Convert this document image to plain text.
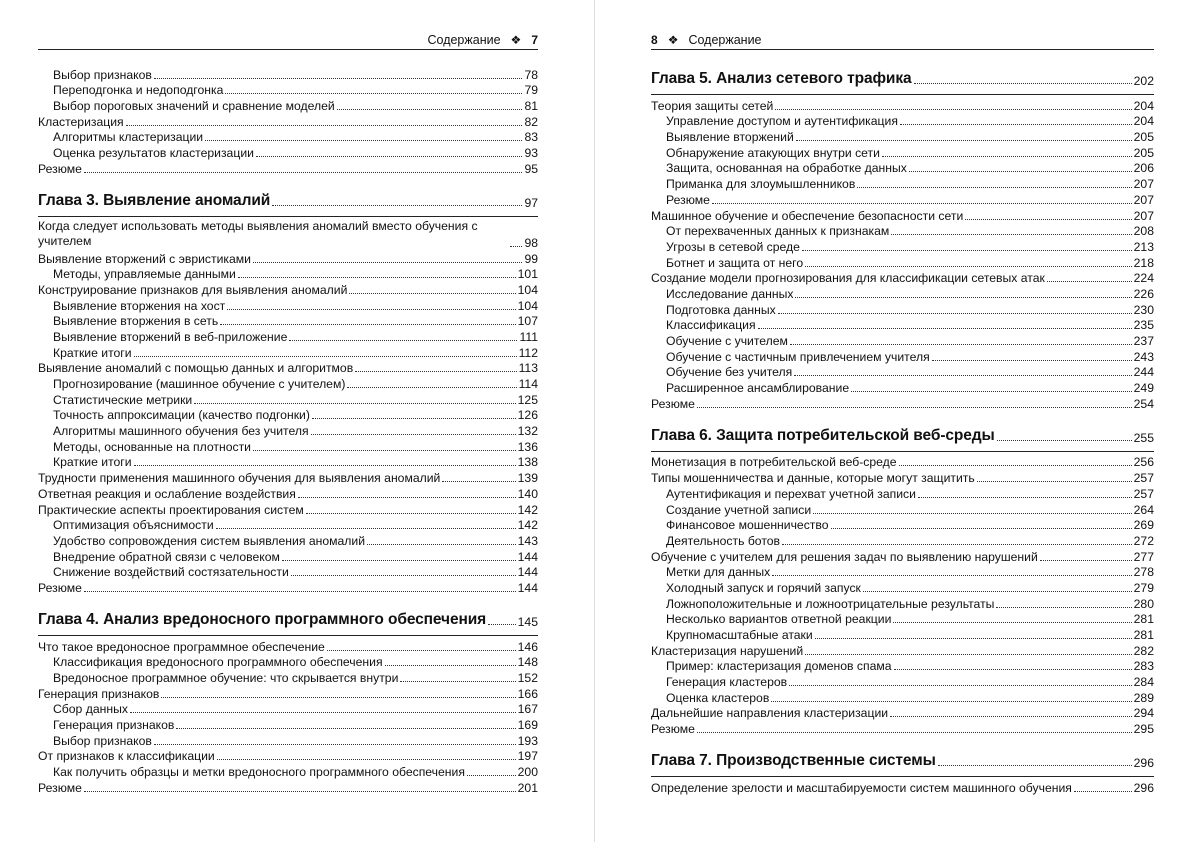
Содержание ❖ 7
Выбор признаков	78
Переподгонка и недоподгонка	79
Выбор пороговых значений и сравнение моделей	81
Кластеризация	82
Алгоритмы кластеризации	83
Оценка результатов кластеризации	93
Резюме	95
Глава 3. Выявление аномалий	97
Когда следует использовать методы выявления аномалий вместо обучения с учителем	98
Выявление вторжений с эвристиками	99
Методы, управляемые данными	101
Конструирование признаков для выявления аномалий	104
Выявление вторжения на хост	104
Выявление вторжения в сеть	107
Выявление вторжений в веб-приложение	111
Краткие итоги	112
Выявление аномалий с помощью данных и алгоритмов	113
Прогнозирование (машинное обучение с учителем)	114
Статистические метрики	125
Точность аппроксимации (качество подгонки)	126
Алгоритмы машинного обучения без учителя	132
Методы, основанные на плотности	136
Краткие итоги	138
Трудности применения машинного обучения для выявления аномалий	139
Ответная реакция и ослабление воздействия	140
Практические аспекты проектирования систем	142
Оптимизация объяснимости	142
Удобство сопровождения систем выявления аномалий	143
Внедрение обратной связи с человеком	144
Снижение воздействий состязательности	144
Резюме	144
Глава 4. Анализ вредоносного программного обеспечения	145
Что такое вредоносное программное обеспечение	146
Классификация вредоносного программного обеспечения	148
Вредоносное программное обучение: что скрывается внутри	152
Генерация признаков	166
Сбор данных	167
Генерация признаков	169
Выбор признаков	193
От признаков к классификации	197
Как получить образцы и метки вредоносного программного обеспечения	200
Резюме	201
8 ❖ Содержание
Глава 5. Анализ сетевого трафика	202
Теория защиты сетей	204
Управление доступом и аутентификация	204
Выявление вторжений	205
Обнаружение атакующих внутри сети	205
Защита, основанная на обработке данных	206
Приманка для злоумышленников	207
Резюме	207
Машинное обучение и обеспечение безопасности сети	207
От перехваченных данных к признакам	208
Угрозы в сетевой среде	213
Ботнет и защита от него	218
Создание модели прогнозирования для классификации сетевых атак	224
Исследование данных	226
Подготовка данных	230
Классификация	235
Обучение с учителем	237
Обучение с частичным привлечением учителя	243
Обучение без учителя	244
Расширенное ансамблирование	249
Резюме	254
Глава 6. Защита потребительской веб-среды	255
Монетизация в потребительской веб-среде	256
Типы мошенничества и данные, которые могут защитить	257
Аутентификация и перехват учетной записи	257
Создание учетной записи	264
Финансовое мошенничество	269
Деятельность ботов	272
Обучение с учителем для решения задач по выявлению нарушений	277
Метки для данных	278
Холодный запуск и горячий запуск	279
Ложноположительные и ложноотрицательные результаты	280
Несколько вариантов ответной реакции	281
Крупномасштабные атаки	281
Кластеризация нарушений	282
Пример: кластеризация доменов спама	283
Генерация кластеров	284
Оценка кластеров	289
Дальнейшие направления кластеризации	294
Резюме	295
Глава 7. Производственные системы	296
Определение зрелости и масштабируемости систем машинного обучения	296
